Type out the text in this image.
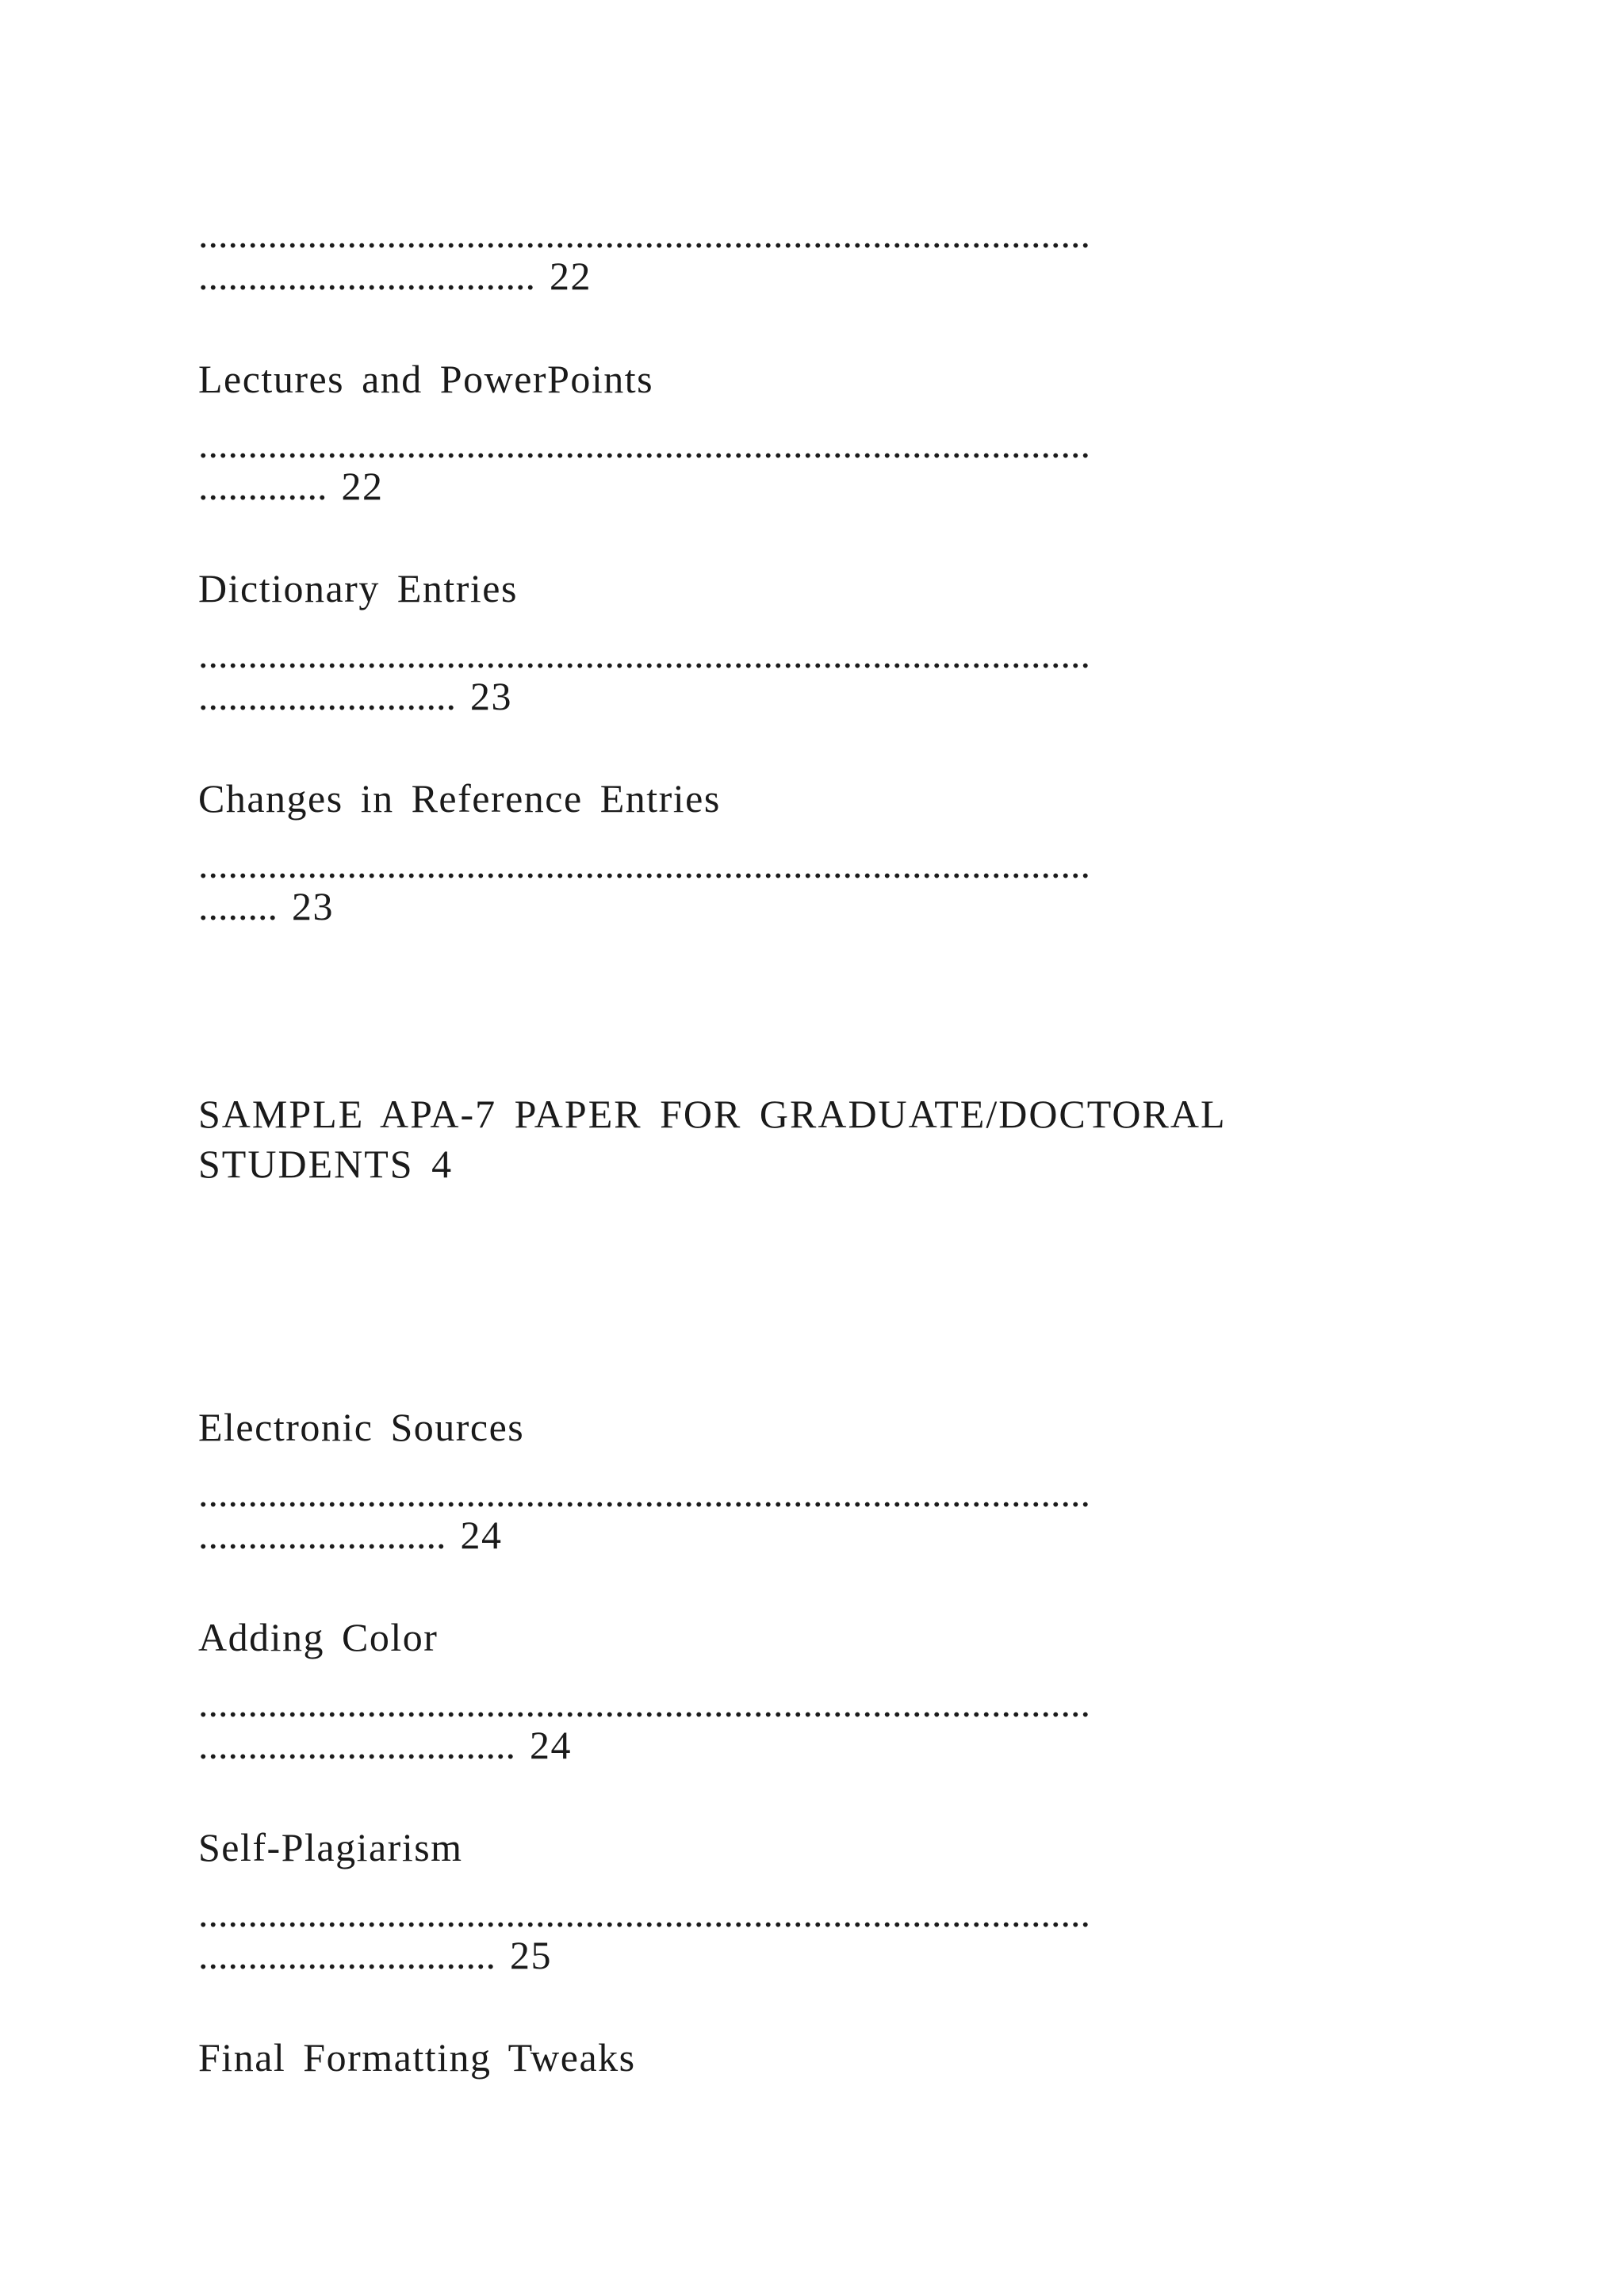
..........................................................................................
.................................. 22
Lectures and PowerPoints
..........................................................................................
............. 22
Dictionary Entries
..........................................................................................
.......................... 23
Changes in Reference Entries
..........................................................................................
........ 23
SAMPLE APA-7 PAPER FOR GRADUATE/DOCTORAL
STUDENTS 4
Electronic Sources
..........................................................................................
......................... 24
Adding Color
..........................................................................................
................................ 24
Self-Plagiarism
..........................................................................................
.............................. 25
Final Formatting Tweaks
